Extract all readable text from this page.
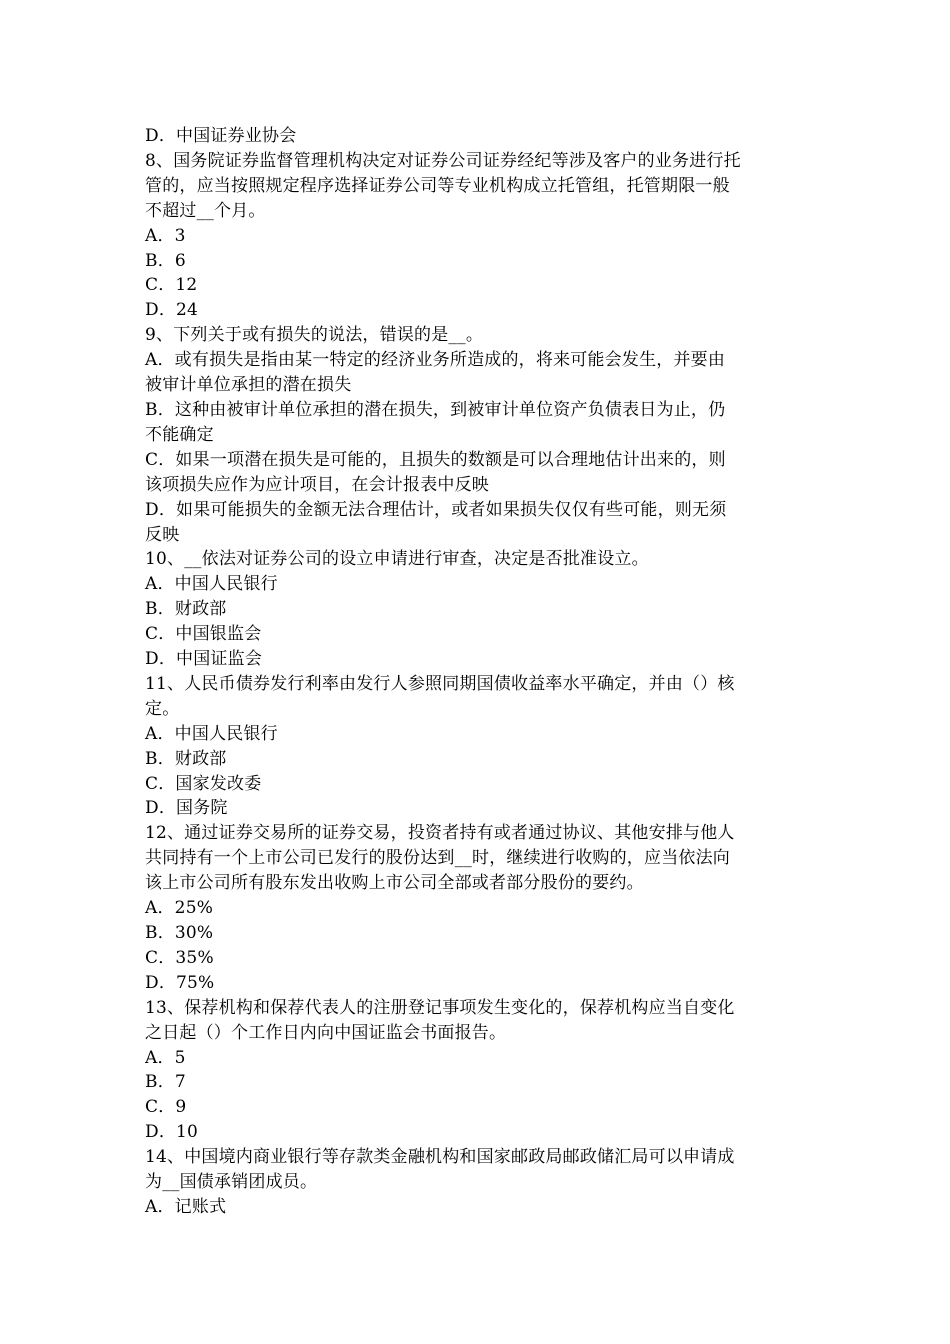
D．中国证券业协会
8、国务院证券监督管理机构决定对证券公司证券经纪等涉及客户的业务进行托
管的，应当按照规定程序选择证券公司等专业机构成立托管组，托管期限一般
不超过__个月。
A．3
B．6
C．12
D．24
9、下列关于或有损失的说法，错误的是__。
A．或有损失是指由某一特定的经济业务所造成的，将来可能会发生，并要由
被审计单位承担的潜在损失
B．这种由被审计单位承担的潜在损失，到被审计单位资产负债表日为止，仍
不能确定
C．如果一项潜在损失是可能的，且损失的数额是可以合理地估计出来的，则
该项损失应作为应计项目，在会计报表中反映
D．如果可能损失的金额无法合理估计，或者如果损失仅仅有些可能，则无须
反映
10、__依法对证券公司的设立申请进行审查，决定是否批准设立。
A．中国人民银行
B．财政部
C．中国银监会
D．中国证监会
11、人民币债券发行利率由发行人参照同期国债收益率水平确定，并由（）核
定。
A．中国人民银行
B．财政部
C．国家发改委
D．国务院
12、通过证券交易所的证券交易，投资者持有或者通过协议、其他安排与他人
共同持有一个上市公司已发行的股份达到__时，继续进行收购的，应当依法向
该上市公司所有股东发出收购上市公司全部或者部分股份的要约。
A．25%
B．30%
C．35%
D．75%
13、保荐机构和保荐代表人的注册登记事项发生变化的，保荐机构应当自变化
之日起（）个工作日内向中国证监会书面报告。
A．5
B．7
C．9
D．10
14、中国境内商业银行等存款类金融机构和国家邮政局邮政储汇局可以申请成
为__国债承销团成员。
A．记账式
